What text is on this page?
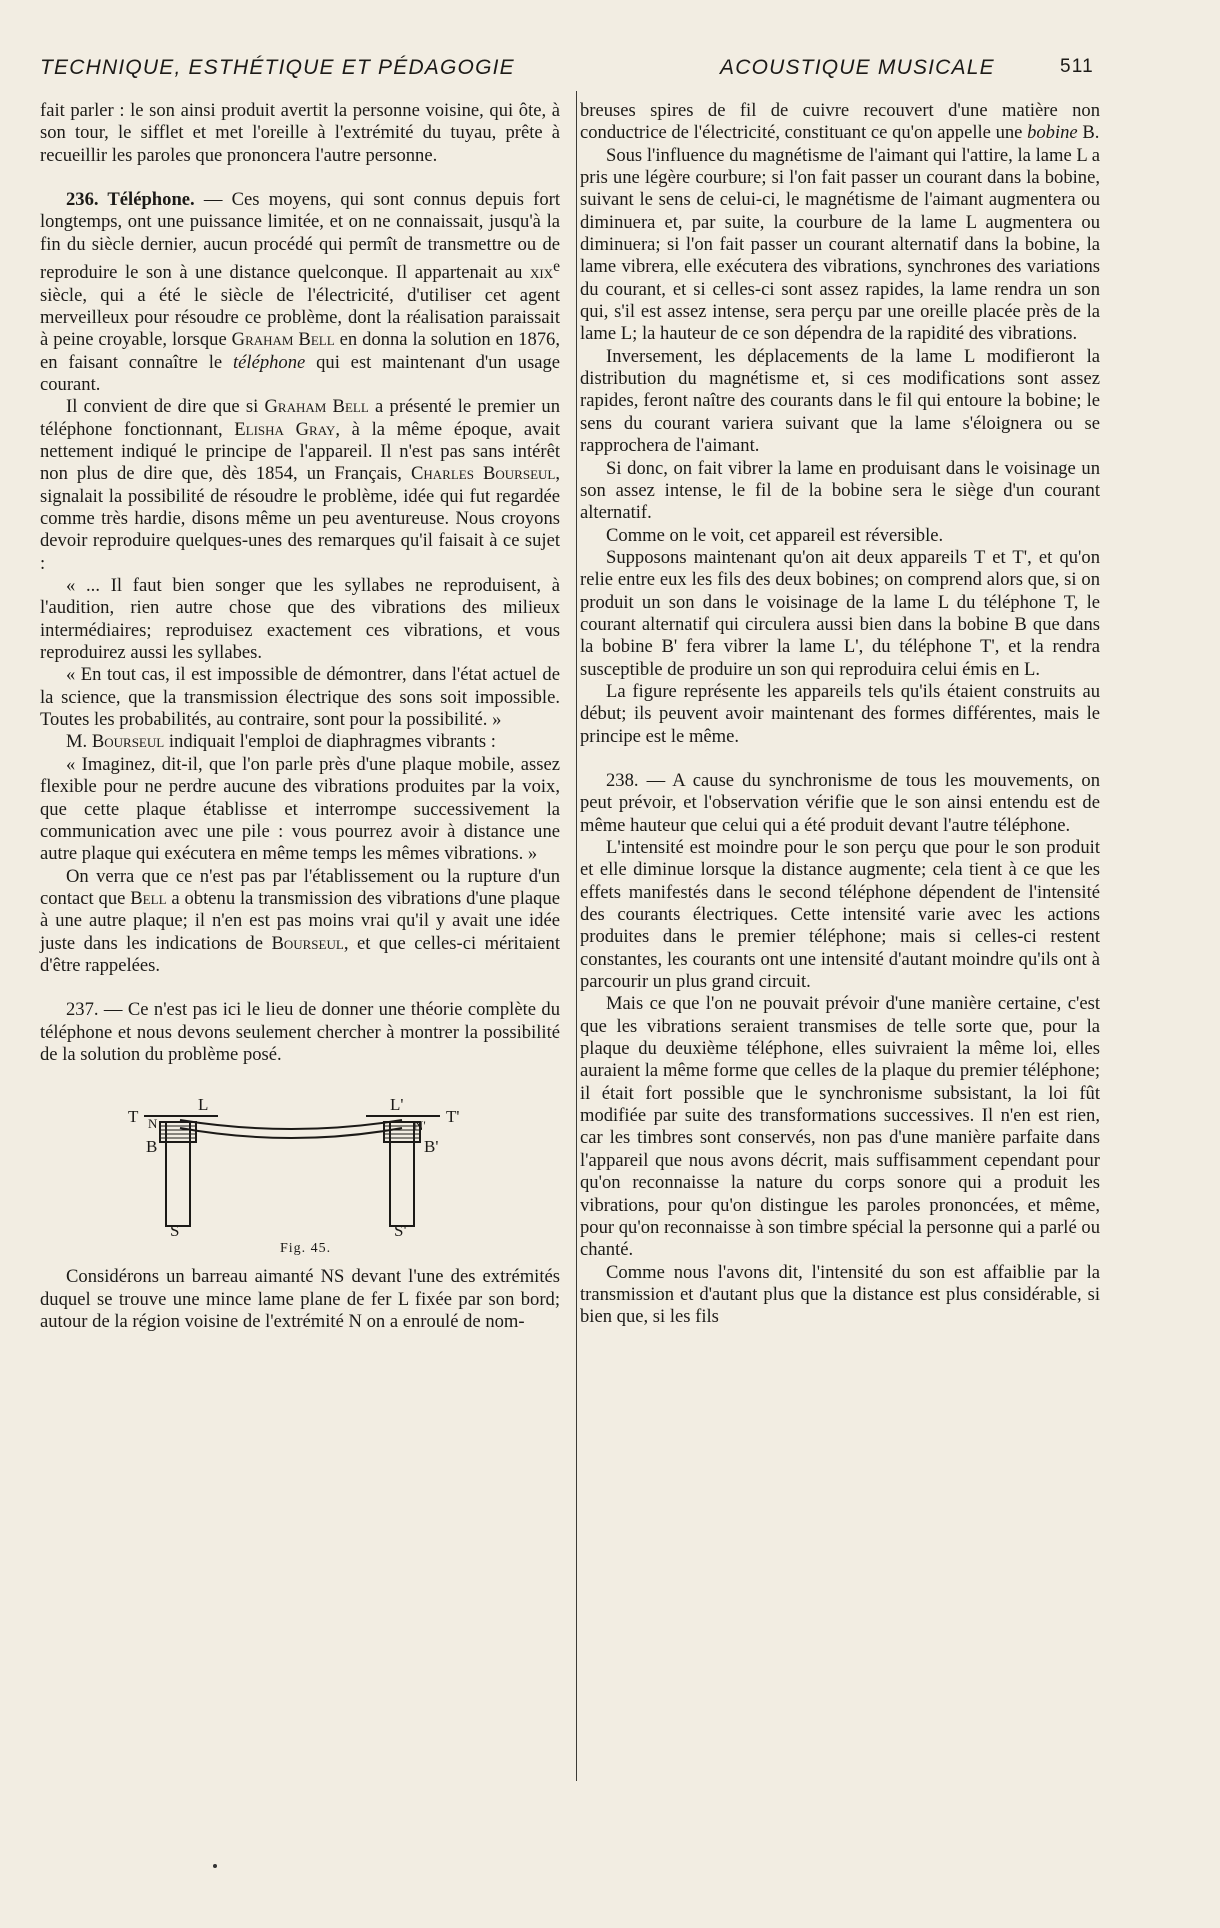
TECHNIQUE, ESTHÉTIQUE ET PÉDAGOGIE	ACOUSTIQUE MUSICALE	511

fait parler : le son ainsi produit avertit la personne voisine, qui ôte, à son tour, le sifflet et met l'oreille à l'extrémité du tuyau, prête à recueillir les paroles que prononcera l'autre personne.

236. Téléphone. — Ces moyens, qui sont connus depuis fort longtemps, ont une puissance limitée, et on ne connaissait, jusqu'à la fin du siècle dernier, aucun procédé qui permît de transmettre ou de reproduire le son à une distance quelconque. Il appartenait au xix$^e$ siècle, qui a été le siècle de l'électricité, d'utiliser cet agent merveilleux pour résoudre ce problème, dont la réalisation paraissait à peine croyable, lorsque Graham Bell en donna la solution en 1876, en faisant connaître le téléphone qui est maintenant d'un usage courant.

Il convient de dire que si Graham Bell a présenté le premier un téléphone fonctionnant, Elisha Gray, à la même époque, avait nettement indiqué le principe de l'appareil. Il n'est pas sans intérêt non plus de dire que, dès 1854, un Français, Charles Bourseul, signalait la possibilité de résoudre le problème, idée qui fut regardée comme très hardie, disons même un peu aventureuse. Nous croyons devoir reproduire quelques-unes des remarques qu'il faisait à ce sujet :

« ... Il faut bien songer que les syllabes ne reproduisent, à l'audition, rien autre chose que des vibrations des milieux intermédiaires; reproduisez exactement ces vibrations, et vous reproduirez aussi les syllabes.

« En tout cas, il est impossible de démontrer, dans l'état actuel de la science, que la transmission électrique des sons soit impossible. Toutes les probabilités, au contraire, sont pour la possibilité. »

M. Bourseul indiquait l'emploi de diaphragmes vibrants :

« Imaginez, dit-il, que l'on parle près d'une plaque mobile, assez flexible pour ne perdre aucune des vibrations produites par la voix, que cette plaque établisse et interrompe successivement la communication avec une pile : vous pourrez avoir à distance une autre plaque qui exécutera en même temps les mêmes vibrations. »

On verra que ce n'est pas par l'établissement ou la rupture d'un contact que Bell a obtenu la transmission des vibrations d'une plaque à une autre plaque; il n'en est pas moins vrai qu'il y avait une idée juste dans les indications de Bourseul, et que celles-ci méritaient d'être rappelées.

237. — Ce n'est pas ici le lieu de donner une théorie complète du téléphone et nous devons seulement chercher à montrer la possibilité de la solution du problème posé.

T
L
N
B
S
L'
N' T'
B'
S'
Fig. 45.

Considérons un barreau aimanté NS devant l'une des extrémités duquel se trouve une mince lame plane de fer L fixée par son bord; autour de la région voisine de l'extrémité N on a enroulé de nom-

breuses spires de fil de cuivre recouvert d'une matière non conductrice de l'électricité, constituant ce qu'on appelle une bobine B.

Sous l'influence du magnétisme de l'aimant qui l'attire, la lame L a pris une légère courbure; si l'on fait passer un courant dans la bobine, suivant le sens de celui-ci, le magnétisme de l'aimant augmentera ou diminuera et, par suite, la courbure de la lame L augmentera ou diminuera; si l'on fait passer un courant alternatif dans la bobine, la lame vibrera, elle exécutera des vibrations, synchrones des variations du courant, et si celles-ci sont assez rapides, la lame rendra un son qui, s'il est assez intense, sera perçu par une oreille placée près de la lame L; la hauteur de ce son dépendra de la rapidité des vibrations.

Inversement, les déplacements de la lame L modifieront la distribution du magnétisme et, si ces modifications sont assez rapides, feront naître des courants dans le fil qui entoure la bobine; le sens du courant variera suivant que la lame s'éloignera ou se rapprochera de l'aimant.

Si donc, on fait vibrer la lame en produisant dans le voisinage un son assez intense, le fil de la bobine sera le siège d'un courant alternatif.

Comme on le voit, cet appareil est réversible.

Supposons maintenant qu'on ait deux appareils T et T', et qu'on relie entre eux les fils des deux bobines; on comprend alors que, si on produit un son dans le voisinage de la lame L du téléphone T, le courant alternatif qui circulera aussi bien dans la bobine B que dans la bobine B' fera vibrer la lame L', du téléphone T', et la rendra susceptible de produire un son qui reproduira celui émis en L.

La figure représente les appareils tels qu'ils étaient construits au début; ils peuvent avoir maintenant des formes différentes, mais le principe est le même.

238. — A cause du synchronisme de tous les mouvements, on peut prévoir, et l'observation vérifie que le son ainsi entendu est de même hauteur que celui qui a été produit devant l'autre téléphone.

L'intensité est moindre pour le son perçu que pour le son produit et elle diminue lorsque la distance augmente; cela tient à ce que les effets manifestés dans le second téléphone dépendent de l'intensité des courants électriques. Cette intensité varie avec les actions produites dans le premier téléphone; mais si celles-ci restent constantes, les courants ont une intensité d'autant moindre qu'ils ont à parcourir un plus grand circuit.

Mais ce que l'on ne pouvait prévoir d'une manière certaine, c'est que les vibrations seraient transmises de telle sorte que, pour la plaque du deuxième téléphone, elles suivraient la même loi, elles auraient la même forme que celles de la plaque du premier téléphone; il était fort possible que le synchronisme subsistant, la loi fût modifiée par suite des transformations successives. Il n'en est rien, car les timbres sont conservés, non pas d'une manière parfaite dans l'appareil que nous avons décrit, mais suffisamment cependant pour qu'on reconnaisse la nature du corps sonore qui a produit les vibrations, pour qu'on distingue les paroles prononcées, et même, pour qu'on reconnaisse à son timbre spécial la personne qui a parlé ou chanté.

Comme nous l'avons dit, l'intensité du son est affaiblie par la transmission et d'autant plus que la distance est plus considérable, si bien que, si les fils
